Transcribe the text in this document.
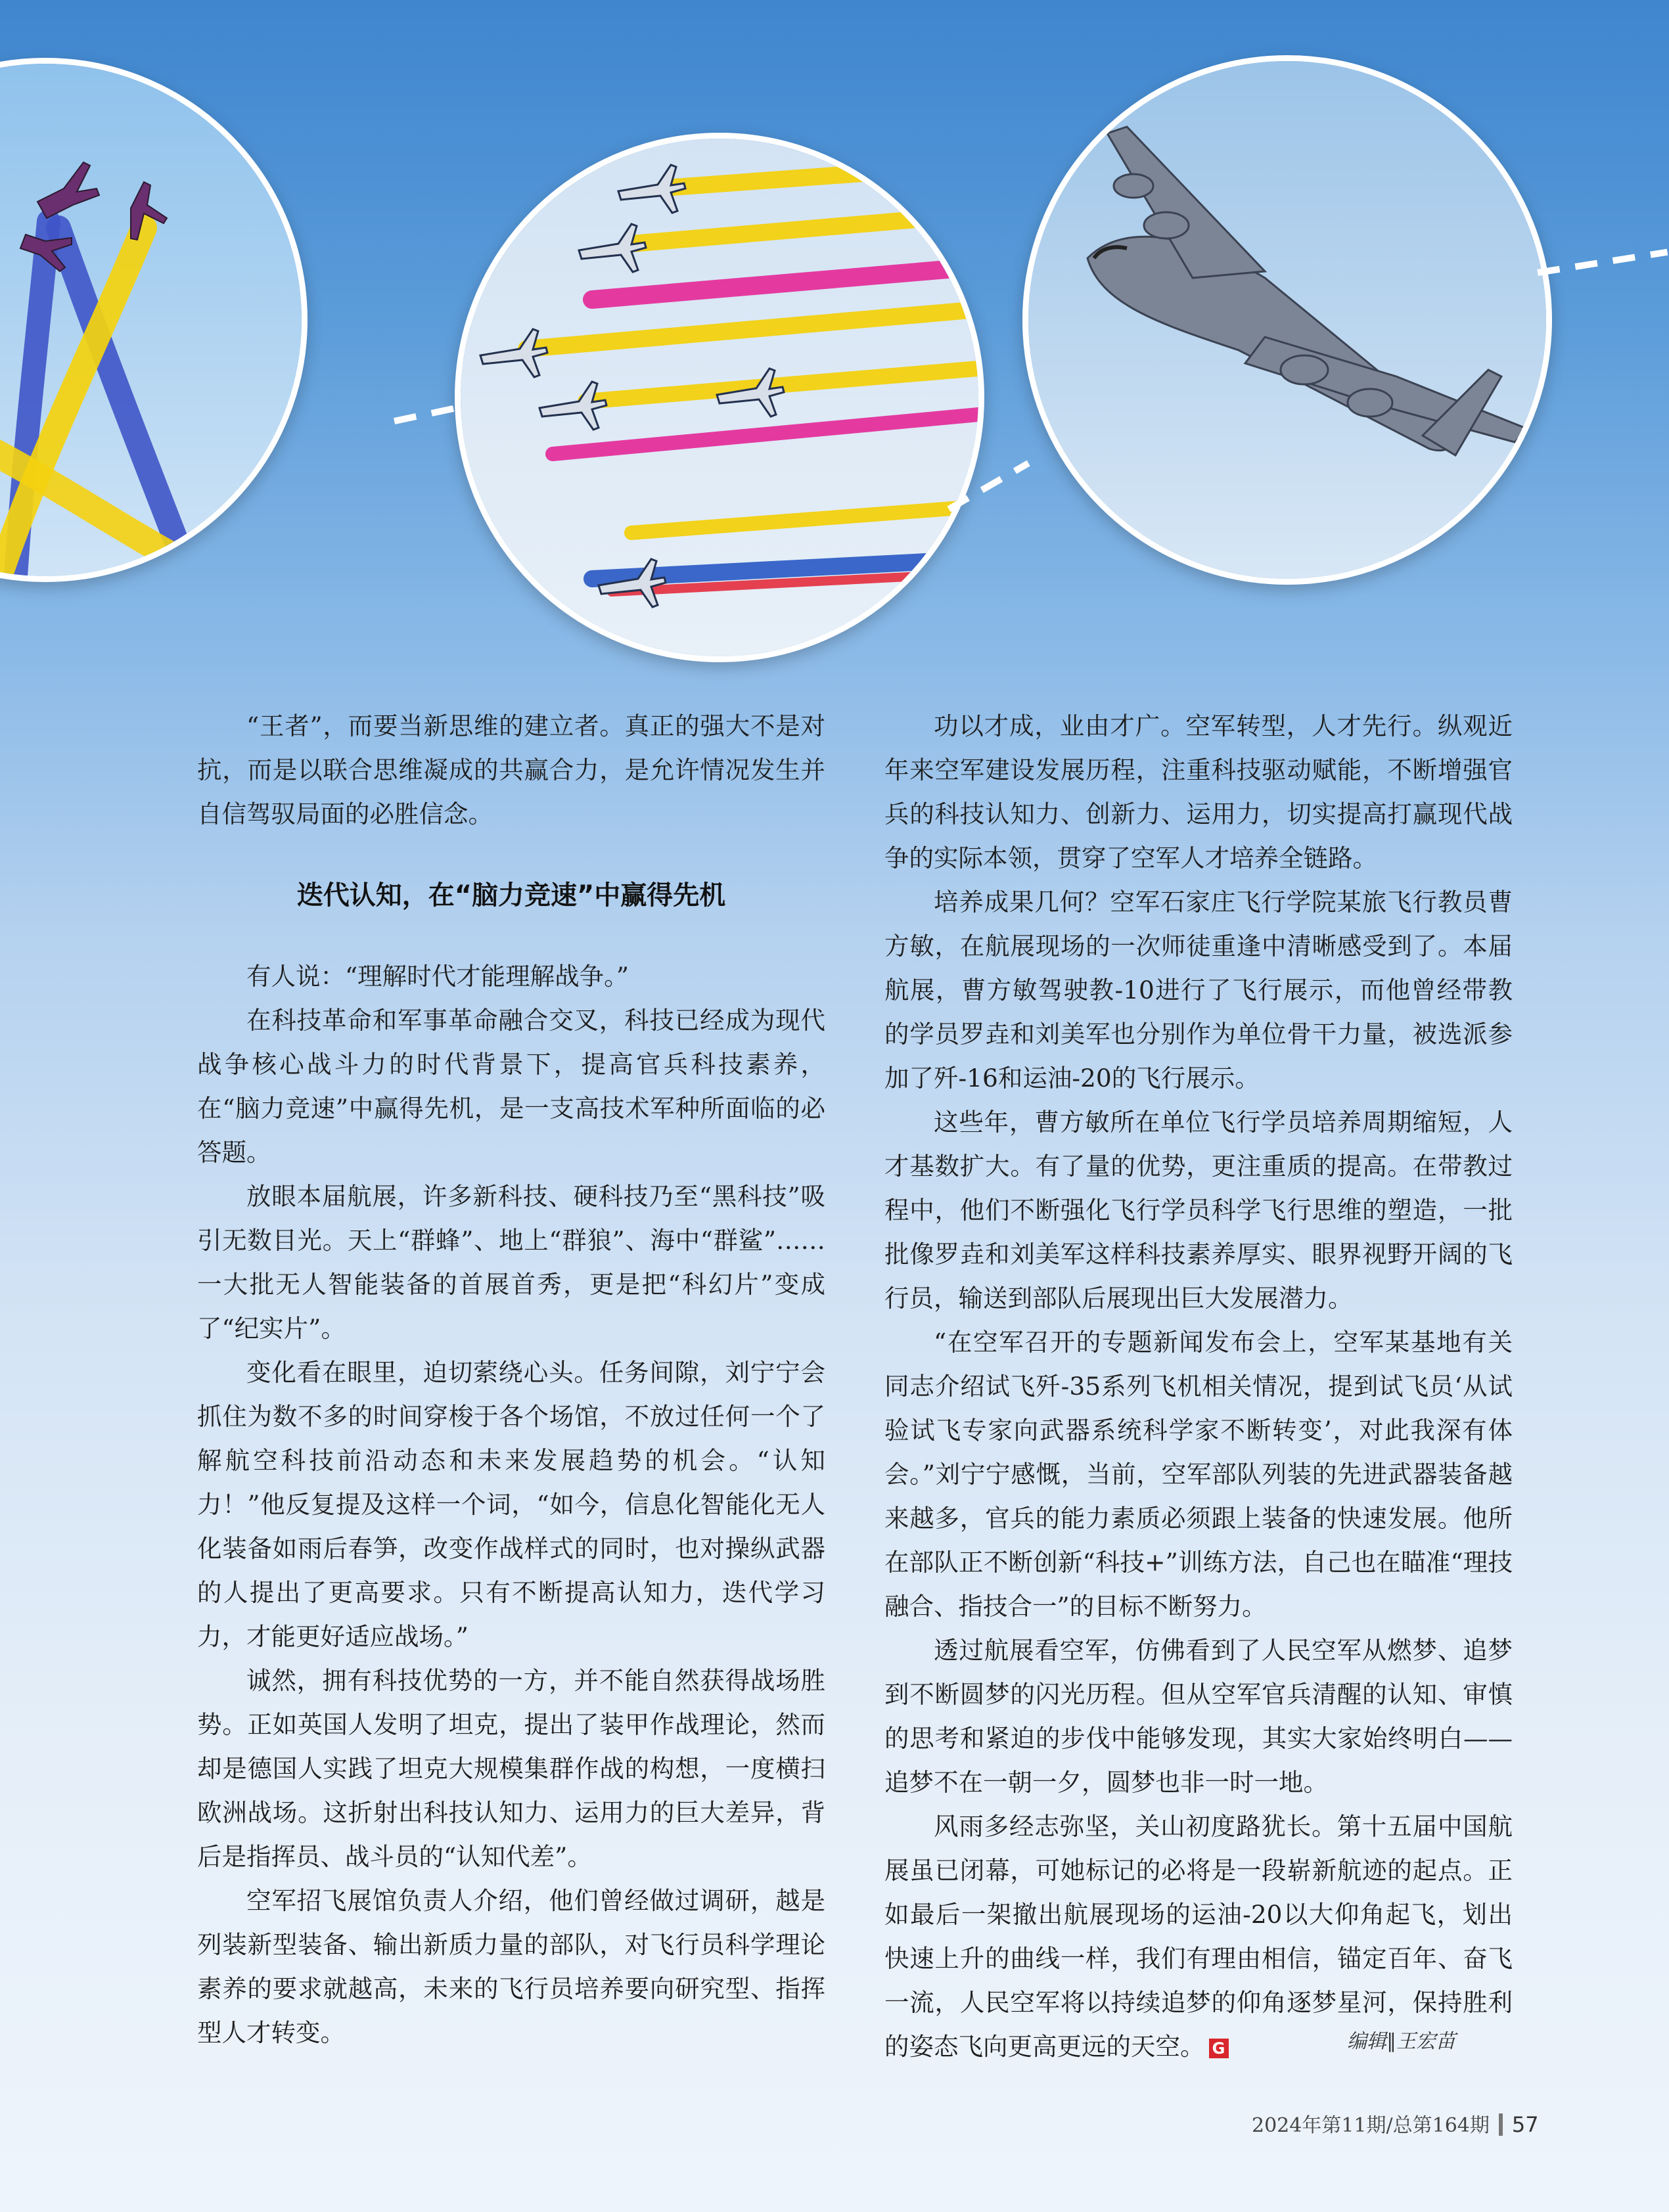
“王者”，而要当新思维的建立者。真正的强大不是对抗，而是以联合思维凝成的共赢合力，是允许情况发生并自信驾驭局面的必胜信念。

迭代认知，在“脑力竞速”中赢得先机

有人说：“理解时代才能理解战争。”

在科技革命和军事革命融合交叉，科技已经成为现代战争核心战斗力的时代背景下，提高官兵科技素养，在“脑力竞速”中赢得先机，是一支高技术军种所面临的必答题。

放眼本届航展，许多新科技、硬科技乃至“黑科技”吸引无数目光。天上“群蜂”、地上“群狼”、海中“群鲨”……一大批无人智能装备的首展首秀，更是把“科幻片”变成了“纪实片”。

变化看在眼里，迫切萦绕心头。任务间隙，刘宁宁会抓住为数不多的时间穿梭于各个场馆，不放过任何一个了解航空科技前沿动态和未来发展趋势的机会。“认知力！”他反复提及这样一个词，“如今，信息化智能化无人化装备如雨后春笋，改变作战样式的同时，也对操纵武器的人提出了更高要求。只有不断提高认知力，迭代学习力，才能更好适应战场。”

诚然，拥有科技优势的一方，并不能自然获得战场胜势。正如英国人发明了坦克，提出了装甲作战理论，然而却是德国人实践了坦克大规模集群作战的构想，一度横扫欧洲战场。这折射出科技认知力、运用力的巨大差异，背后是指挥员、战斗员的“认知代差”。

空军招飞展馆负责人介绍，他们曾经做过调研，越是列装新型装备、输出新质力量的部队，对飞行员科学理论素养的要求就越高，未来的飞行员培养要向研究型、指挥型人才转变。

功以才成，业由才广。空军转型，人才先行。纵观近年来空军建设发展历程，注重科技驱动赋能，不断增强官兵的科技认知力、创新力、运用力，切实提高打赢现代战争的实际本领，贯穿了空军人才培养全链路。

培养成果几何？空军石家庄飞行学院某旅飞行教员曹方敏，在航展现场的一次师徒重逢中清晰感受到了。本届航展，曹方敏驾驶教-10进行了飞行展示，而他曾经带教的学员罗垚和刘美军也分别作为单位骨干力量，被选派参加了歼-16和运油-20的飞行展示。

这些年，曹方敏所在单位飞行学员培养周期缩短，人才基数扩大。有了量的优势，更注重质的提高。在带教过程中，他们不断强化飞行学员科学飞行思维的塑造，一批批像罗垚和刘美军这样科技素养厚实、眼界视野开阔的飞行员，输送到部队后展现出巨大发展潜力。

“在空军召开的专题新闻发布会上，空军某基地有关同志介绍试飞歼-35系列飞机相关情况，提到试飞员‘从试验试飞专家向武器系统科学家不断转变’，对此我深有体会。”刘宁宁感慨，当前，空军部队列装的先进武器装备越来越多，官兵的能力素质必须跟上装备的快速发展。他所在部队正不断创新“科技+”训练方法，自己也在瞄准“理技融合、指技合一”的目标不断努力。

透过航展看空军，仿佛看到了人民空军从燃梦、追梦到不断圆梦的闪光历程。但从空军官兵清醒的认知、审慎的思考和紧迫的步伐中能够发现，其实大家始终明白——追梦不在一朝一夕，圆梦也非一时一地。

风雨多经志弥坚，关山初度路犹长。第十五届中国航展虽已闭幕，可她标记的必将是一段崭新航迹的起点。正如最后一架撤出航展现场的运油-20以大仰角起飞，划出快速上升的曲线一样，我们有理由相信，锚定百年、奋飞一流，人民空军将以持续追梦的仰角逐梦星河，保持胜利的姿态飞向更高更远的天空。 G	编辑∥王宏苗
2024年第11期/总第164期 57
